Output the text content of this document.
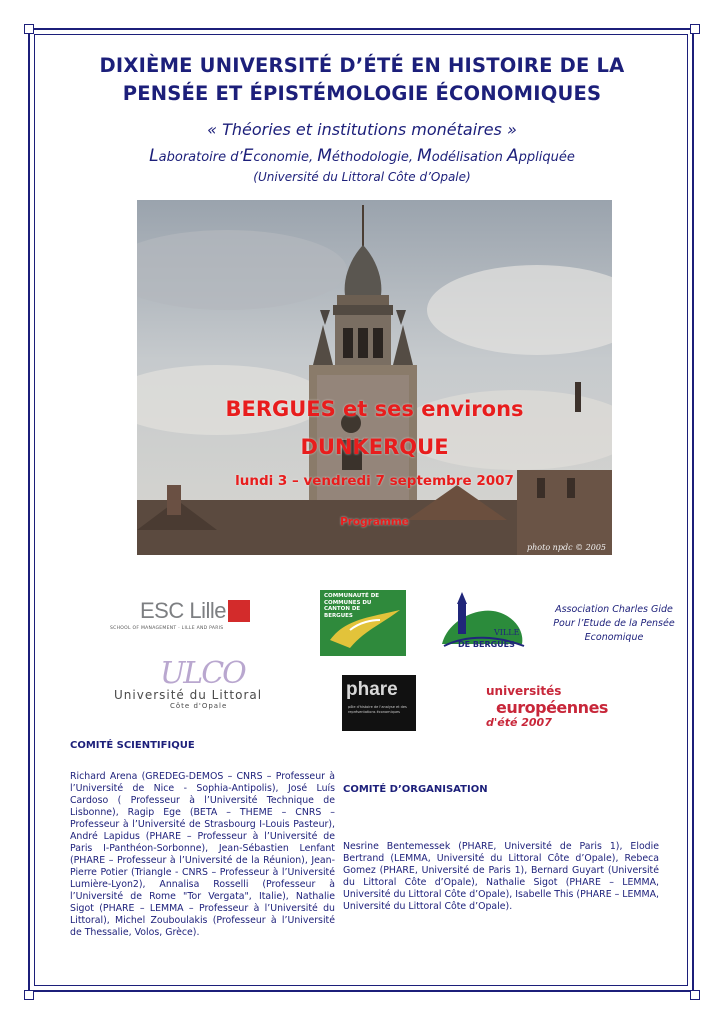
DIXIÈME UNIVERSITÉ D’ÉTÉ EN HISTOIRE DE LA
PENSÉE ET ÉPISTÉMOLOGIE ÉCONOMIQUES
« Théories et institutions monétaires »
Laboratoire d’Economie, Méthodologie, Modélisation Appliquée
(Université du Littoral Côte d’Opale)
BERGUES et ses environs
DUNKERQUE
lundi 3 – vendredi 7 septembre 2007
Programme
photo npdc © 2005
ESC Lille
SCHOOL OF MANAGEMENT · LILLE AND PARIS
COMMUNAUTÉ DE
COMMUNES DU
CANTON DE
BERGUES
VILLE
DE BERGUES
Association Charles Gide
Pour l’Etude de la Pensée
Economique
ULCO
Université du Littoral
Côte d'Opale
phare
pôle d'histoire de l'analyse et des représentations économiques
universités
européennes
d'été 2007
COMITÉ SCIENTIFIQUE
Richard Arena (GREDEG-DEMOS – CNRS – Professeur à l’Université de Nice - Sophia-Antipolis), José Luís Cardoso ( Professeur à l’Université Technique de Lisbonne), Ragip Ege (BETA – THEME – CNRS – Professeur à l’Université de Strasbourg I-Louis Pasteur), André Lapidus (PHARE – Professeur à l’Université de Paris I-Panthéon-Sorbonne), Jean-Sébastien Lenfant (PHARE – Professeur à l’Université de la Réunion), Jean-Pierre Potier (Triangle - CNRS – Professeur à l’Université Lumière-Lyon2), Annalisa Rosselli (Professeur à l’Université de Rome "Tor Vergata", Italie), Nathalie Sigot (PHARE – LEMMA – Professeur à l’Université du Littoral), Michel Zouboulakis (Professeur à l’Université de Thessalie, Volos, Grèce).
COMITÉ D’ORGANISATION
Nesrine Bentemessek (PHARE, Université de Paris 1), Elodie Bertrand (LEMMA, Université du Littoral Côte d’Opale), Rebeca Gomez (PHARE, Université de Paris 1), Bernard Guyart (Université du Littoral Côte d’Opale), Nathalie Sigot (PHARE – LEMMA, Université du Littoral Côte d’Opale), Isabelle This (PHARE – LEMMA, Université du Littoral Côte d’Opale).
